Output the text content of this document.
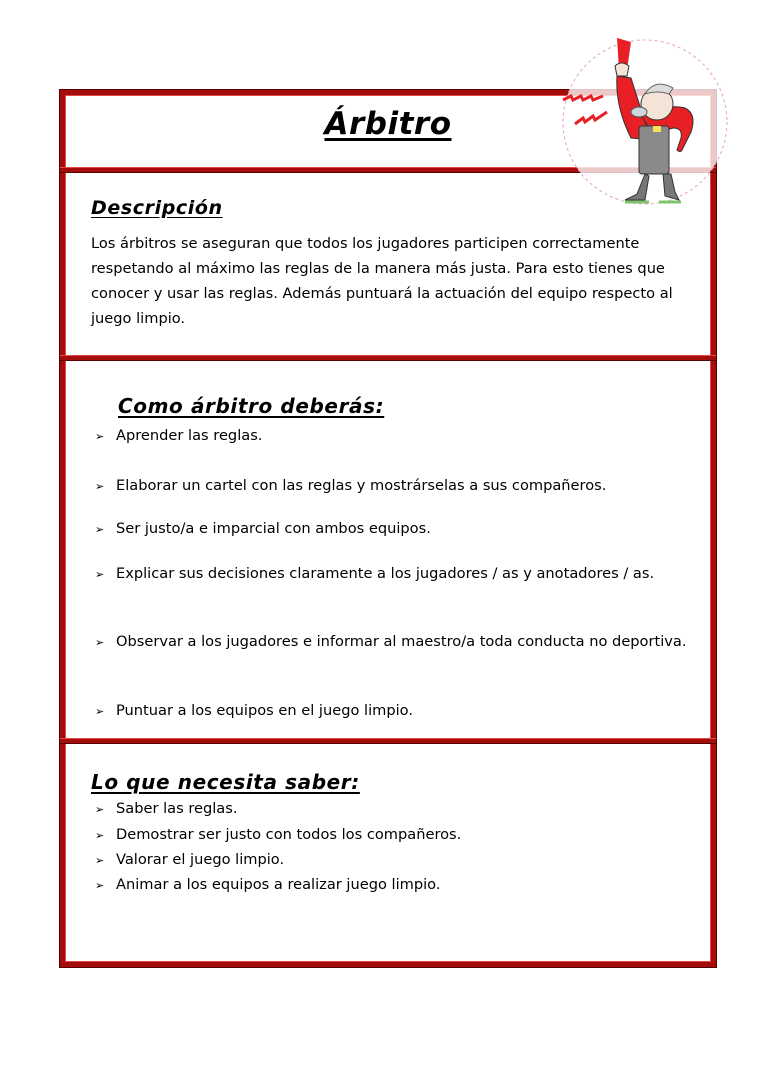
Árbitro
Descripción
Los árbitros se aseguran que todos los jugadores participen correctamente respetando al máximo las reglas de la manera más justa. Para esto tienes que conocer y usar las reglas. Además puntuará la actuación del equipo respecto al juego limpio.
Como árbitro deberás:
➢ Aprender las reglas.
➢ Elaborar un cartel con las reglas y mostrárselas a sus compañeros.
➢ Ser justo/a e imparcial con ambos equipos.
➢ Explicar sus decisiones claramente a los jugadores / as y anotadores / as.
➢ Observar a los jugadores e informar al maestro/a toda conducta no deportiva.
➢ Puntuar a los equipos en el juego limpio.
Lo que necesita saber:
➢ Saber las reglas.
➢ Demostrar ser justo con todos los compañeros.
➢ Valorar el juego limpio.
➢ Animar a los equipos a realizar juego limpio.
